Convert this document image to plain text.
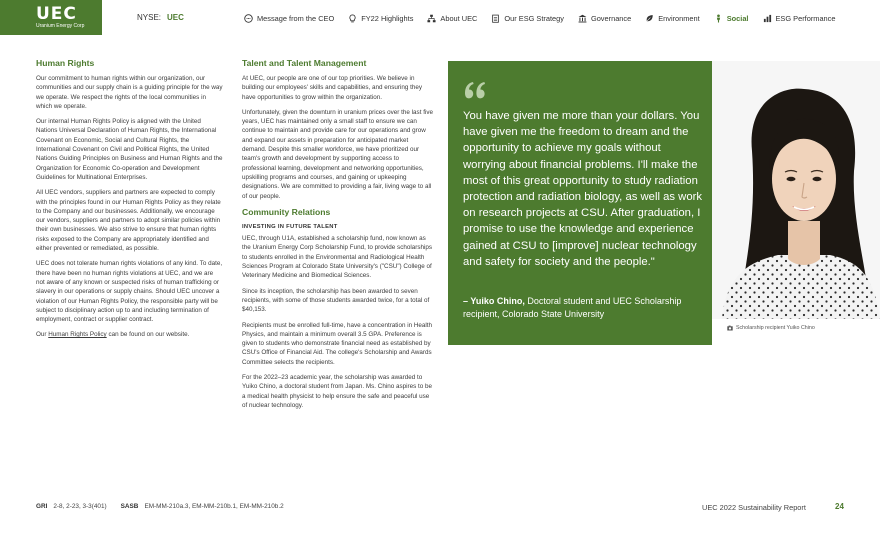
UEC
Uranium Energy Corp
NYSE: UEC	Message from the CEO	FY22 Highlights	About UEC	Our ESG Strategy	Governance	Environment	Social	ESG Performance
Human Rights

Our commitment to human rights within our organization, our communities and our supply chain is a guiding principle for the way we operate. We respect the rights of the local communities in which we operate.

Our internal Human Rights Policy is aligned with the United Nations Universal Declaration of Human Rights, the International Covenant on Economic, Social and Cultural Rights, the International Covenant on Civil and Political Rights, the United Nations Guiding Principles on Business and Human Rights and the Organization for Economic Co-operation and Development Guidelines for Multinational Enterprises.

All UEC vendors, suppliers and partners are expected to comply with the principles found in our Human Rights Policy as they relate to the Company and our businesses. Additionally, we encourage our vendors, suppliers and partners to adopt similar policies within their own businesses. We also strive to ensure that human rights risks exposed to the Company are appropriately identified and either prevented or remediated, as possible.

UEC does not tolerate human rights violations of any kind. To date, there have been no human rights violations at UEC, and we are not aware of any known or suspected risks of human trafficking or slavery in our operations or supply chains. Should UEC uncover a violation of our Human Rights Policy, the responsible party will be subject to disciplinary action up to and including termination of employment, contract or supplier contract.

Our Human Rights Policy can be found on our website.

Talent and Talent Management

At UEC, our people are one of our top priorities. We believe in building our employees' skills and capabilities, and ensuring they have opportunities to grow within the organization.

Unfortunately, given the downturn in uranium prices over the last five years, UEC has maintained only a small staff to ensure we can continue to maintain and provide care for our operations and grow and expand our assets in preparation for anticipated market demand. Despite this smaller workforce, we have prioritized our team's growth and development by supporting access to professional learning, development and networking opportunities, upskilling programs and courses, and gaining or upkeeping designations. We are committed to providing a fair, living wage to all of our people.

Community Relations
INVESTING IN FUTURE TALENT

UEC, through U1A, established a scholarship fund, now known as the Uranium Energy Corp Scholarship Fund, to provide scholarships to students enrolled in the Environmental and Radiological Health Sciences Program at Colorado State University's ("CSU") College of Veterinary Medicine and Biomedical Sciences.

Since its inception, the scholarship has been awarded to seven recipients, with some of those students awarded twice, for a total of $40,153.

Recipients must be enrolled full-time, have a concentration in Health Physics, and maintain a minimum overall 3.5 GPA. Preference is given to students who demonstrate financial need as established by CSU's Office of Financial Aid. The college's Scholarship and Awards Committee selects the recipients.

For the 2022–23 academic year, the scholarship was awarded to Yuiko Chino, a doctoral student from Japan. Ms. Chino aspires to be a medical health physicist to help ensure the safe and peaceful use of nuclear technology.

You have given me more than your dollars. You have given me the freedom to dream and the opportunity to achieve my goals without worrying about financial problems. I'll make the most of this great opportunity to study radiation protection and radiation biology, as well as work on research projects at CSU. After graduation, I promise to use the knowledge and experience gained at CSU to [improve] nuclear technology and safety for society and the people."
– Yuiko Chino, Doctoral student and UEC Scholarship recipient, Colorado State University
Scholarship recipient Yuiko Chino
GRI 2-8, 2-23, 3-3(401) SASB EM-MM-210a.3, EM-MM-210b.1, EM-MM-210b.2	UEC 2022 Sustainability Report	24
